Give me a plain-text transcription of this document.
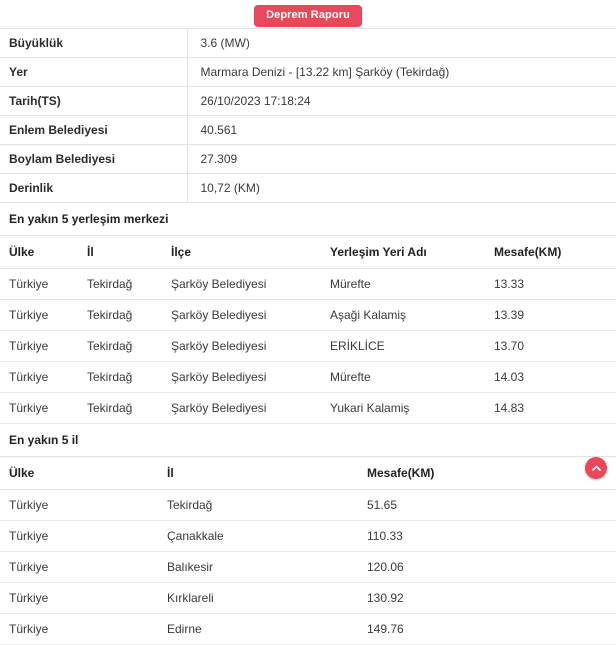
Deprem Raporu
Büyüklük	3.6 (MW)
Yer	Marmara Denizi - [13.22 km] Şarköy (Tekirdağ)
Tarih(TS)	26/10/2023 17:18:24
Enlem Belediyesi	40.561
Boylam Belediyesi	27.309
Derinlik	10,72 (KM)
En yakın 5 yerleşim merkezi
Ülke	İl	İlçe	Yerleşim Yeri Adı	Mesafe(KM)
Türkiye	Tekirdağ	Şarköy Belediyesi	Mürefte	13.33
Türkiye	Tekirdağ	Şarköy Belediyesi	Aşaği Kalamiş	13.39
Türkiye	Tekirdağ	Şarköy Belediyesi	ERİKLİCE	13.70
Türkiye	Tekirdağ	Şarköy Belediyesi	Mürefte	14.03
Türkiye	Tekirdağ	Şarköy Belediyesi	Yukari Kalamiş	14.83
En yakın 5 il
Ülke	İl	Mesafe(KM)
Türkiye	Tekirdağ	51.65
Türkiye	Çanakkale	110.33
Türkiye	Balıkesir	120.06
Türkiye	Kırklareli	130.92
Türkiye	Edirne	149.76
